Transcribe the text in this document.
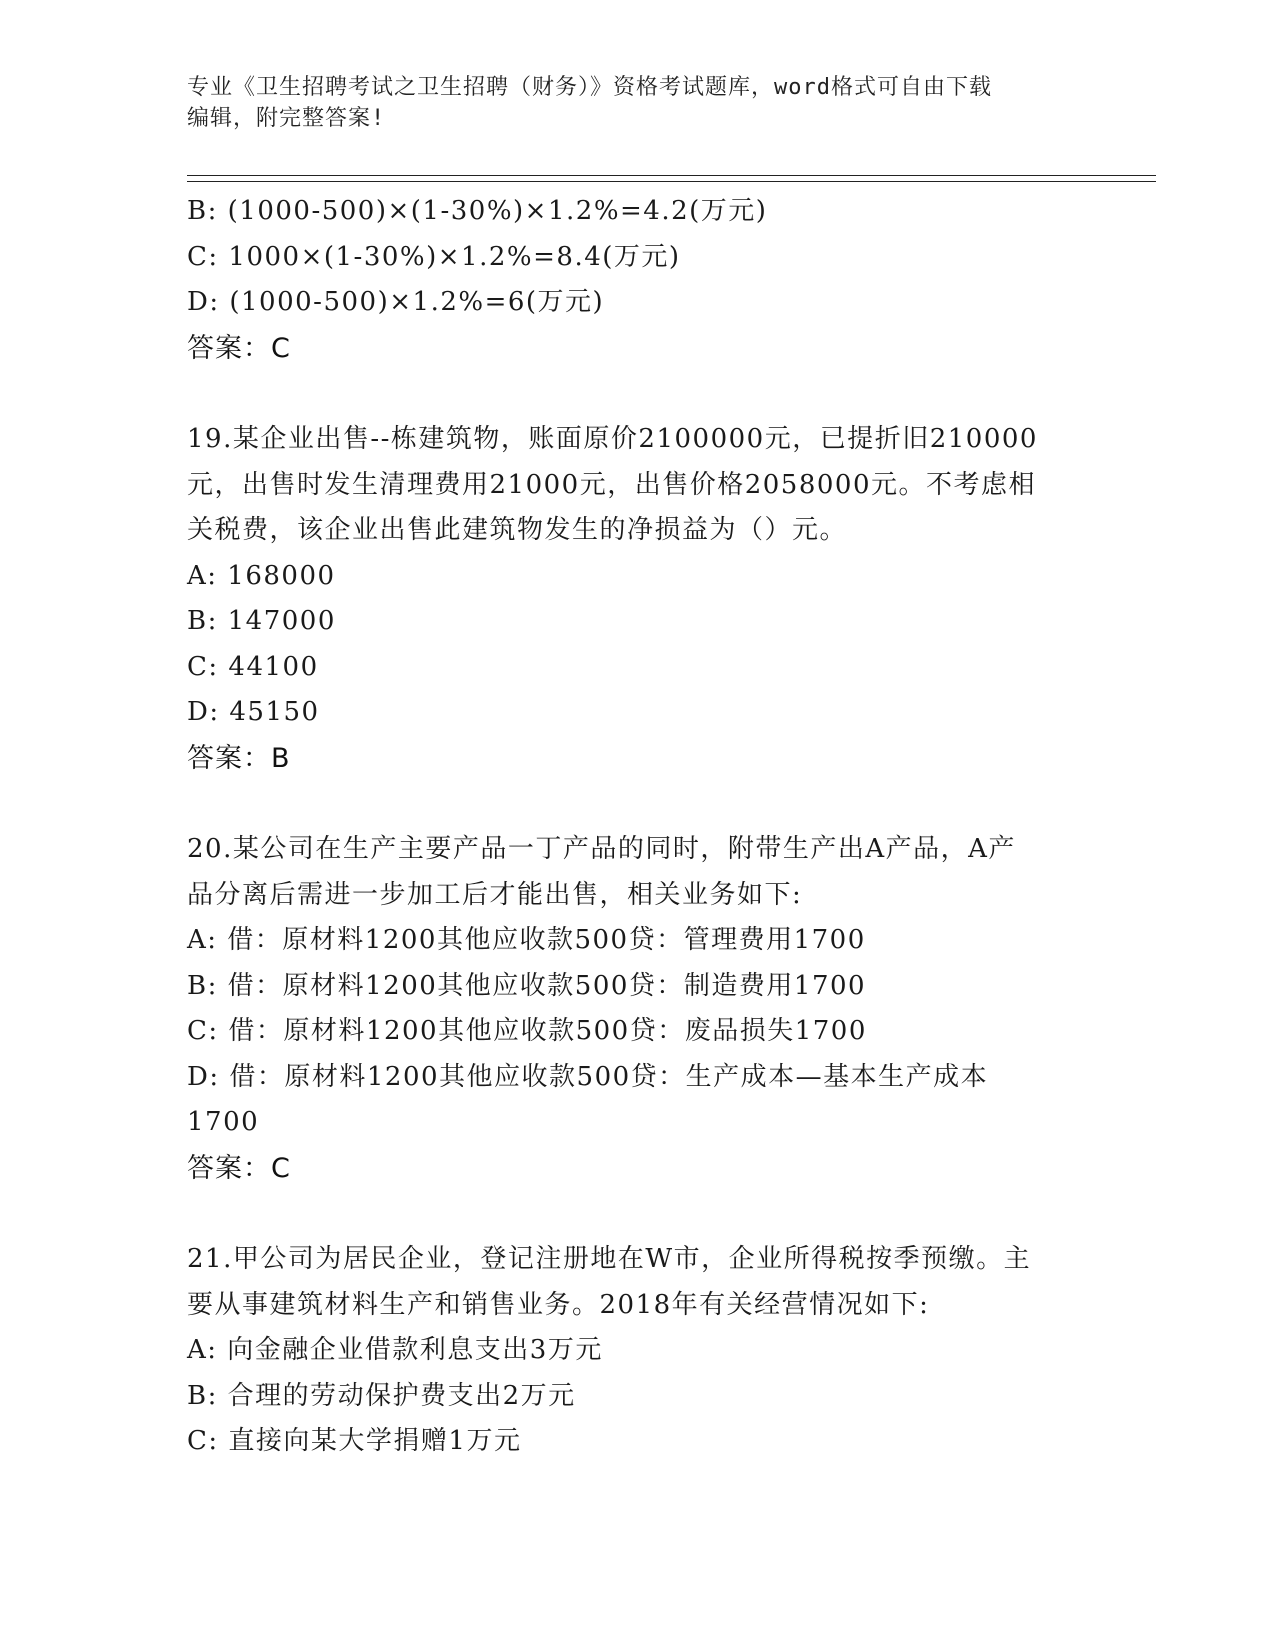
专业《卫生招聘考试之卫生招聘（财务）》资格考试题库，word格式可自由下载
编辑，附完整答案!
B: (1000-500)×(1-30%)×1.2%=4.2(万元)
C: 1000×(1-30%)×1.2%=8.4(万元)
D: (1000-500)×1.2%=6(万元)
答案：C
19.某企业出售--栋建筑物，账面原价2100000元，已提折旧210000
元，出售时发生清理费用21000元，出售价格2058000元。不考虑相
关税费，该企业出售此建筑物发生的净损益为（）元。
A: 168000
B: 147000
C: 44100
D: 45150
答案：B
20.某公司在生产主要产品一丁产品的同时，附带生产出A产品，A产
品分离后需进一步加工后才能出售，相关业务如下:
A: 借：原材料1200其他应收款500贷：管理费用1700
B: 借：原材料1200其他应收款500贷：制造费用1700
C: 借：原材料1200其他应收款500贷：废品损失1700
D: 借：原材料1200其他应收款500贷：生产成本—基本生产成本
1700
答案：C
21.甲公司为居民企业，登记注册地在W市，企业所得税按季预缴。主
要从事建筑材料生产和销售业务。2018年有关经营情况如下:
A: 向金融企业借款利息支出3万元
B: 合理的劳动保护费支出2万元
C: 直接向某大学捐赠1万元
